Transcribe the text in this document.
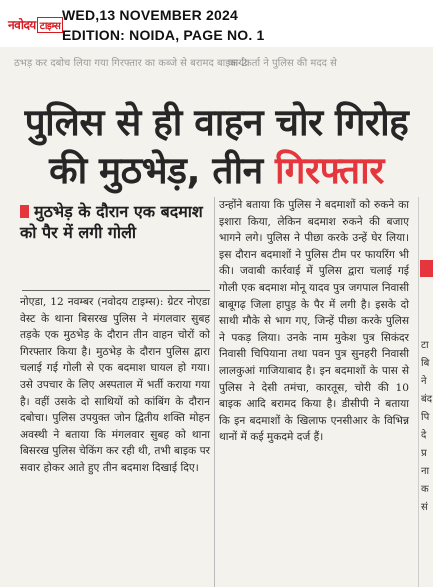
नवोदय टाइम्स
WED,13 NOVEMBER 2024
EDITION: NOIDA, PAGE NO. 1
ठभड़ कर दबोच लिया गया गिरफ्तार का कब्जे से बरामद बाइक-2
कार्यकर्ता ने पुलिस की मदद से
पुलिस से ही वाहन चोर गिरोह
की मुठभेड़, तीन गिरफ्तार
मुठभेड़ के दौरान एक बदमाश को पैर में लगी गोली

नोएडा, 12 नवम्बर (नवोदय टाइम्स): ग्रेटर नोएडा वेस्ट के थाना बिसरख पुलिस ने मंगलवार सुबह तड़के एक मुठभेड़ के दौरान तीन वाहन चोरों को गिरफ्तार किया है। मुठभेड़ के दौरान पुलिस द्वारा चलाई गई गोली से एक बदमाश घायल हो गया। उसे उपचार के लिए अस्पताल में भर्ती कराया गया है। वहीं उसके दो साथियों को कांबिंग के दौरान दबोचा। पुलिस उपयुक्त जोन द्वितीय शक्ति मोहन अवस्थी ने बताया कि मंगलवार सुबह को थाना बिसरख पुलिस चेकिंग कर रही थी, तभी बाइक पर सवार होकर आते हुए तीन बदमाश दिखाई दिए।

उन्होंने बताया कि पुलिस ने बदमाशों को रुकने का इशारा किया, लेकिन बदमाश रुकने की बजाए भागने लगे। पुलिस ने पीछा करके उन्हें घेर लिया। इस दौरान बदमाशों ने पुलिस टीम पर फायरिंग भी की। जवाबी कार्रवाई में पुलिस द्वारा चलाई गई गोली एक बदमाश मोनू यादव पुत्र जगपाल निवासी बाबूगढ़ जिला हापुड़ के पैर में लगी है। इसके दो साथी मौके से भाग गए, जिन्हें पीछा करके पुलिस ने पकड़ लिया। उनके नाम मुकेश पुत्र सिकंदर निवासी चिपियाना तथा पवन पुत्र सुनहरी निवासी लालकुआं गाजियाबाद है। इन बदमाशों के पास से पुलिस ने देसी तमंचा, कारतूस, चोरी की 10 बाइक आदि बरामद किया है। डीसीपी ने बताया कि इन बदमाशों के खिलाफ एनसीआर के विभिन्न थानों में कई मुकदमे दर्ज हैं।

टा
बि
ने
बंद
पि
दे
प्र
ना
क
सं
